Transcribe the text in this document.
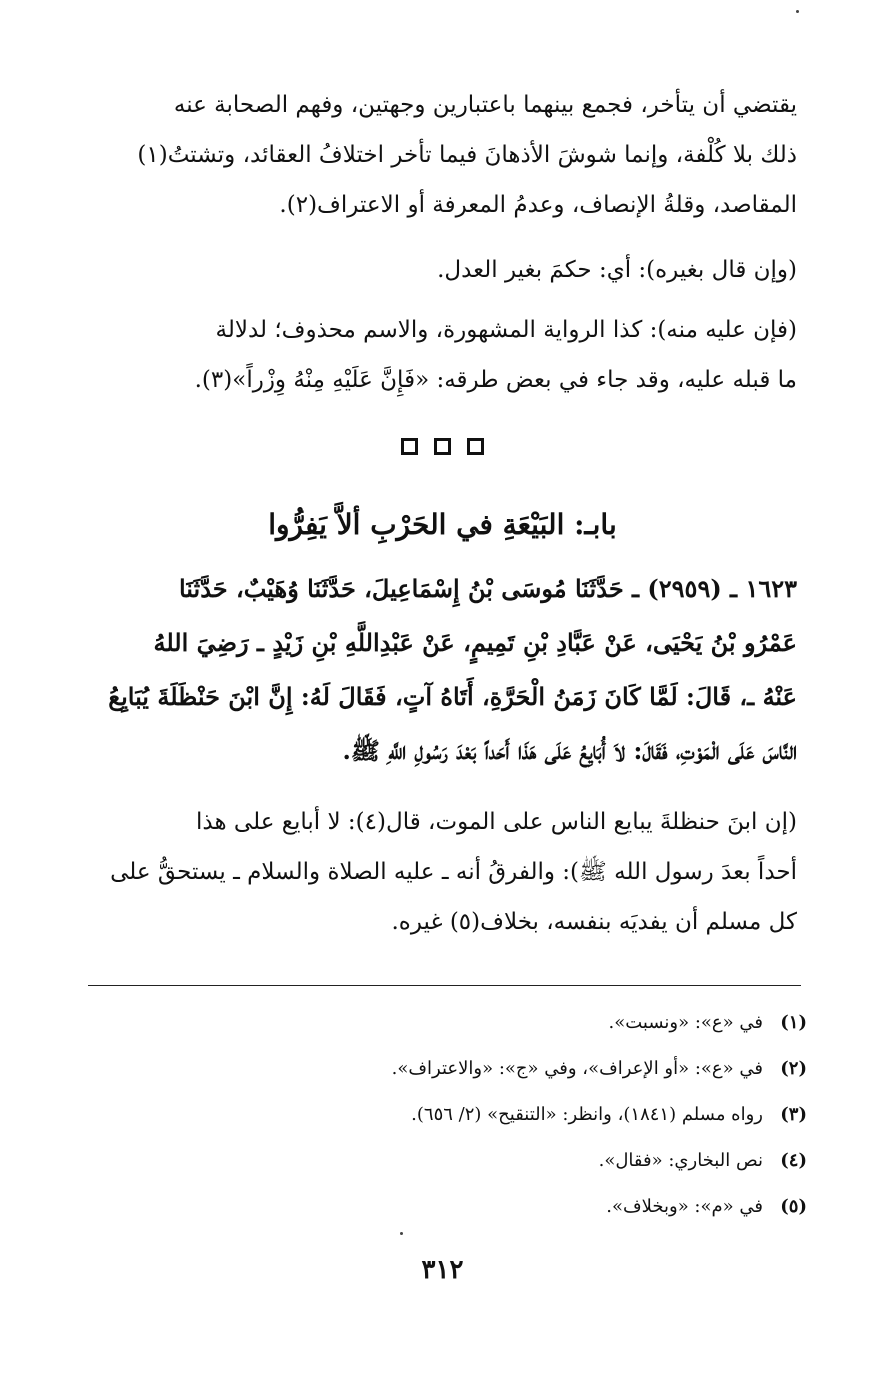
يقتضي أن يتأخر، فجمع بينهما باعتبارين وجهتين، وفهم الصحابة عنه
ذلك بلا كُلْفة، وإنما شوشَ الأذهانَ فيما تأخر اختلافُ العقائد، وتشتتُ(١)
المقاصد، وقلةُ الإنصاف، وعدمُ المعرفة أو الاعتراف(٢).
(وإن قال بغيره): أي: حكمَ بغير العدل.
(فإن عليه منه): كذا الرواية المشهورة، والاسم محذوف؛ لدلالة
ما قبله عليه، وقد جاء في بعض طرقه: «فَإِنَّ عَلَيْهِ مِنْهُ وِزْراً»(٣).
بابـ: البَيْعَةِ في الحَرْبِ ألاَّ يَفِرُّوا
١٦٢٣ ـ (٢٩٥٩) ـ حَدَّثَنَا مُوسَى بْنُ إِسْمَاعِيلَ، حَدَّثَنَا وُهَيْبٌ، حَدَّثَنَا
عَمْرُو بْنُ يَحْيَى، عَنْ عَبَّادِ بْنِ تَمِيمٍ، عَنْ عَبْدِاللَّهِ بْنِ زَيْدٍ ـ رَضِيَ اللهُ
عَنْهُ ـ، قَالَ: لَمَّا كَانَ زَمَنُ الْحَرَّةِ، أَتَاهُ آتٍ، فَقَالَ لَهُ: إِنَّ ابْنَ حَنْظَلَةَ يُبَايِعُ
النَّاسَ عَلَى الْمَوْتِ، فَقَالَ: لاَ أُبَايِعُ عَلَى هَذَا أَحَداً بَعْدَ رَسُولِ اللَّهِ ﷺ.
(إن ابنَ حنظلةَ يبايع الناس على الموت، قال(٤): لا أبايع على هذا
أحداً بعدَ رسول الله ﷺ): والفرقُ أنه ـ عليه الصلاة والسلام ـ يستحقُّ على
كل مسلم أن يفديَه بنفسه، بخلاف(٥) غيره.
(١)
في «ع»: «ونسبت».
(٢)
في «ع»: «أو الإعراف»، وفي «ج»: «والاعتراف».
(٣)
رواه مسلم (١٨٤١)، وانظر: «التنقيح» (٢/ ٦٥٦).
(٤)
نص البخاري: «فقال».
(٥)
في «م»: «وبخلاف».
٣١٢
